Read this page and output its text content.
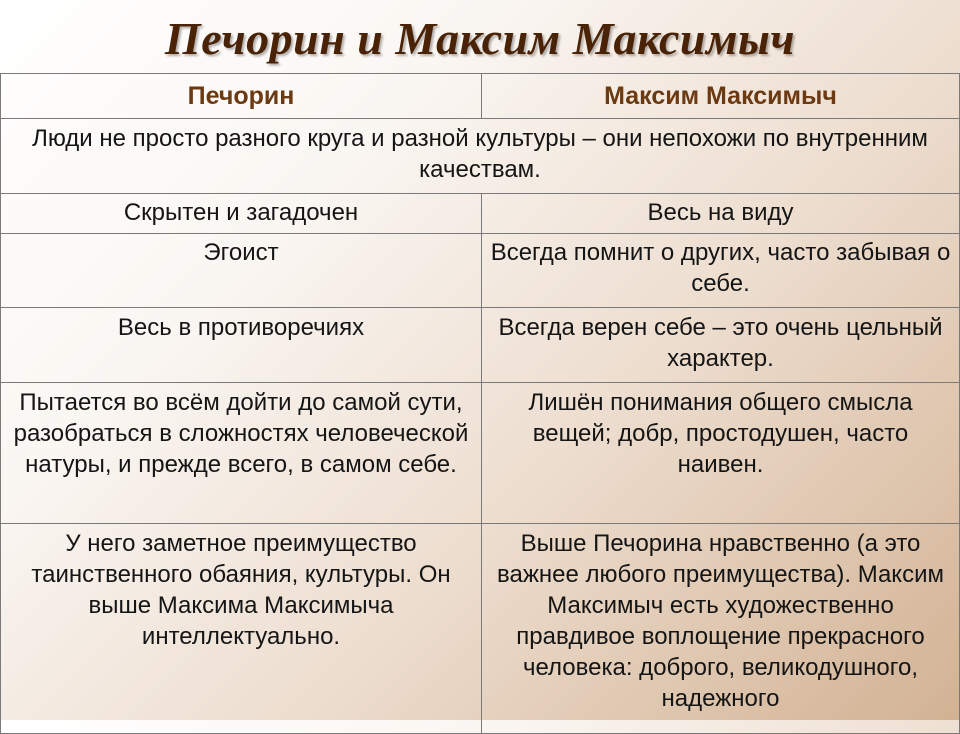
Печорин и Максим Максимыч
Печорин	Максим Максимыч
Люди не просто разного круга и разной культуры – они непохожи по внутренним качествам.	
Скрытен и загадочен	Весь на виду
Эгоист	Всегда помнит о других, часто забывая о себе.
Весь в противоречиях	Всегда верен себе – это очень цельный характер.
Пытается во всём дойти до самой сути, разобраться в сложностях человеческой натуры, и прежде всего, в самом себе.	Лишён понимания общего смысла вещей; добр, простодушен, часто наивен.
У него заметное преимущество таинственного обаяния, культуры. Он выше Максима Максимыча интеллектуально.	Выше Печорина нравственно (а это важнее любого преимущества). Максим Максимыч есть художественно правдивое воплощение прекрасного человека: доброго, великодушного, надежного
